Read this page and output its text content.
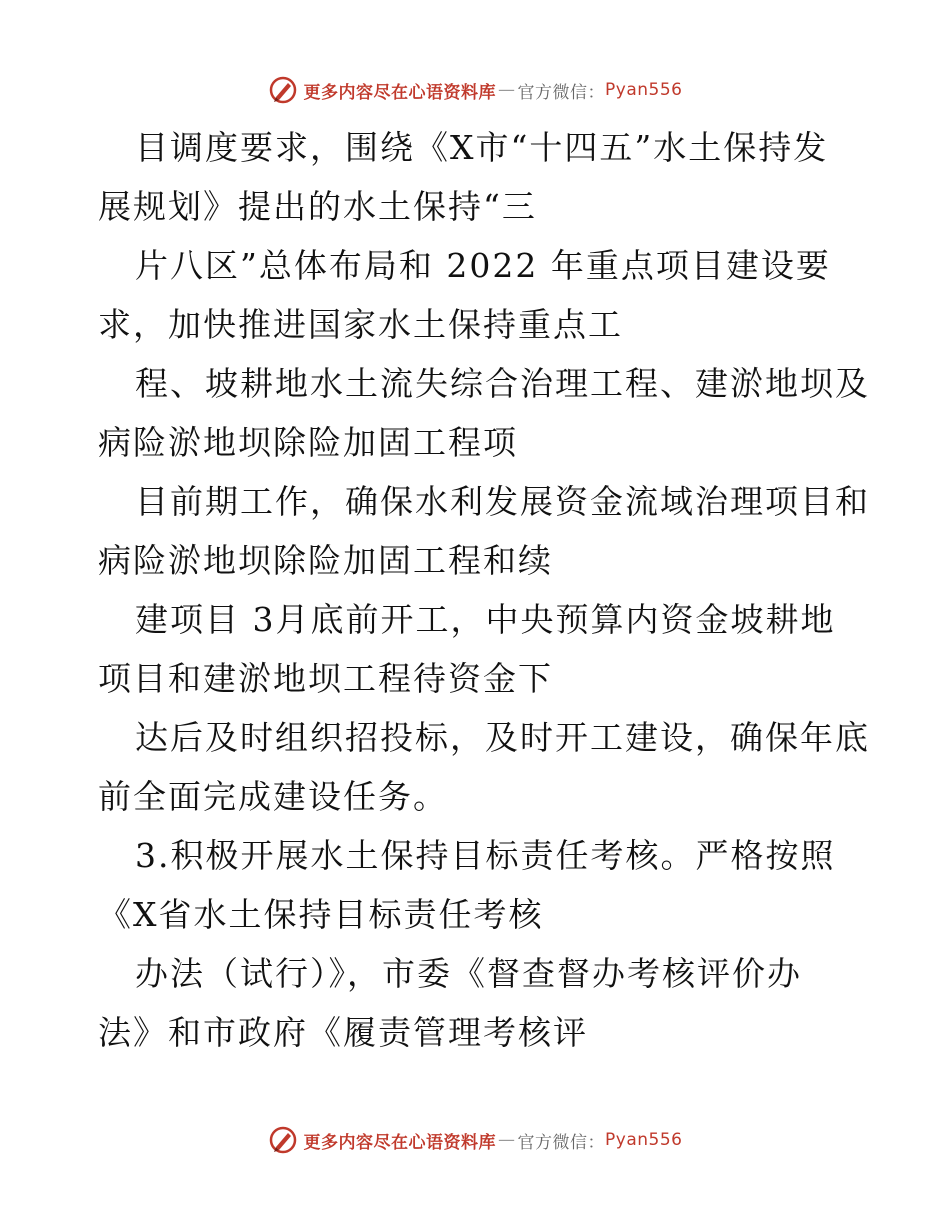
更多内容尽在心语资料库 — 官方微信： Pyan556
目调度要求，围绕《X市“十四五”水土保持发
展规划》提出的水土保持“三
片八区”总体布局和 2022 年重点项目建设要
求，加快推进国家水土保持重点工
程、坡耕地水土流失综合治理工程、建淤地坝及
病险淤地坝除险加固工程项
目前期工作，确保水利发展资金流域治理项目和
病险淤地坝除险加固工程和续
建项目 3月底前开工，中央预算内资金坡耕地
项目和建淤地坝工程待资金下
达后及时组织招投标，及时开工建设，确保年底
前全面完成建设任务。
3.积极开展水土保持目标责任考核。严格按照
《X省水土保持目标责任考核
办法（试行）》，市委《督查督办考核评价办
法》和市政府《履责管理考核评
更多内容尽在心语资料库 — 官方微信： Pyan556
